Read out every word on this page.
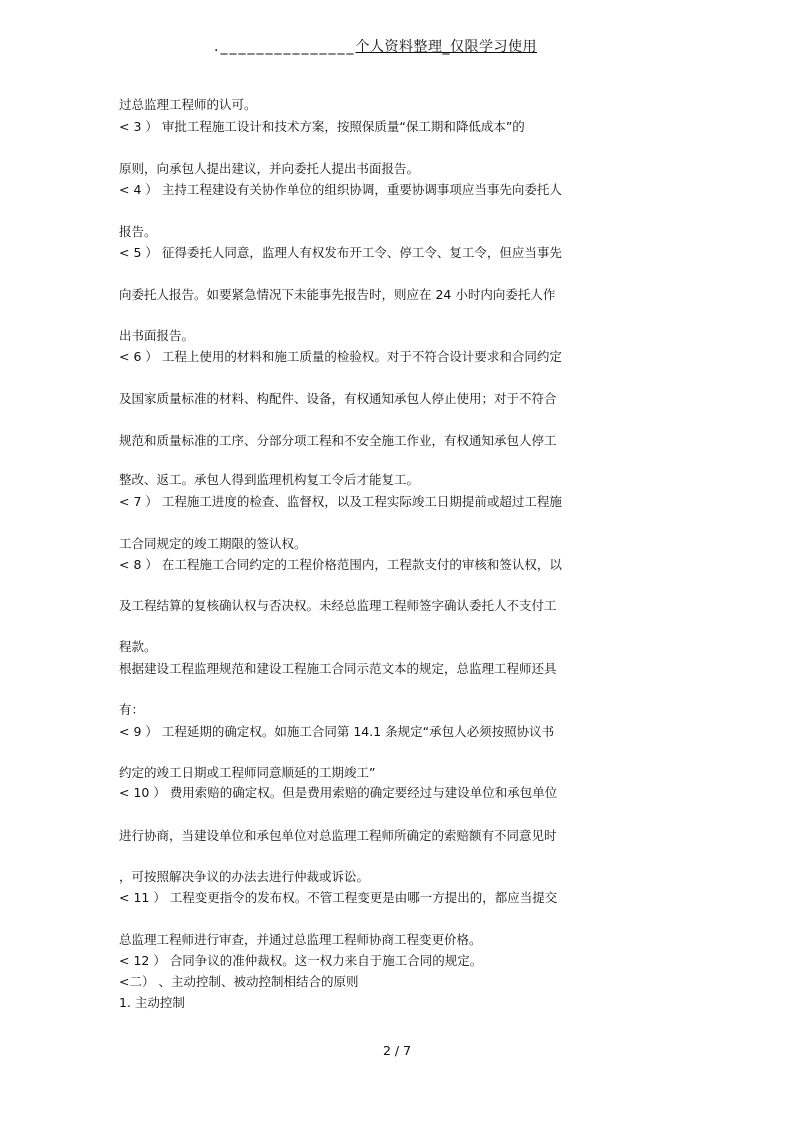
._______________个人资料整理_仅限学习使用
过总监理工程师的认可。
< 3 ） 审批工程施工设计和技术方案，按照保质量“保工期和降低成本”的
原则，向承包人提出建议，并向委托人提出书面报告。
< 4 ） 主持工程建设有关协作单位的组织协调，重要协调事项应当事先向委托人
报告。
< 5 ） 征得委托人同意，监理人有权发布开工令、停工令、复工令，但应当事先
向委托人报告。如要紧急情况下未能事先报告时，则应在 24 小时内向委托人作
出书面报告。
< 6 ） 工程上使用的材料和施工质量的检验权。对于不符合设计要求和合同约定
及国家质量标准的材料、构配件、设备，有权通知承包人停止使用；对于不符合
规范和质量标准的工序、分部分项工程和不安全施工作业，有权通知承包人停工
整改、返工。承包人得到监理机构复工令后才能复工。
< 7 ） 工程施工进度的检查、监督权，以及工程实际竣工日期提前或超过工程施
工合同规定的竣工期限的签认权。
< 8 ） 在工程施工合同约定的工程价格范围内，工程款支付的审核和签认权，以
及工程结算的复核确认权与否决权。未经总监理工程师签字确认委托人不支付工
程款。
根据建设工程监理规范和建设工程施工合同示范文本的规定，总监理工程师还具
有：
< 9 ） 工程延期的确定权。如施工合同第 14.1 条规定“承包人必须按照协议书
约定的竣工日期或工程师同意顺延的工期竣工”
< 10 ） 费用索赔的确定权。但是费用索赔的确定要经过与建设单位和承包单位
进行协商，当建设单位和承包单位对总监理工程师所确定的索赔额有不同意见时
，可按照解决争议的办法去进行仲裁或诉讼。
< 11 ） 工程变更指令的发布权。不管工程变更是由哪一方提出的，都应当提交
总监理工程师进行审查，并通过总监理工程师协商工程变更价格。
< 12 ） 合同争议的准仲裁权。这一权力来自于施工合同的规定。
<二） 、主动控制、被动控制相结合的原则
1. 主动控制
2 / 7
